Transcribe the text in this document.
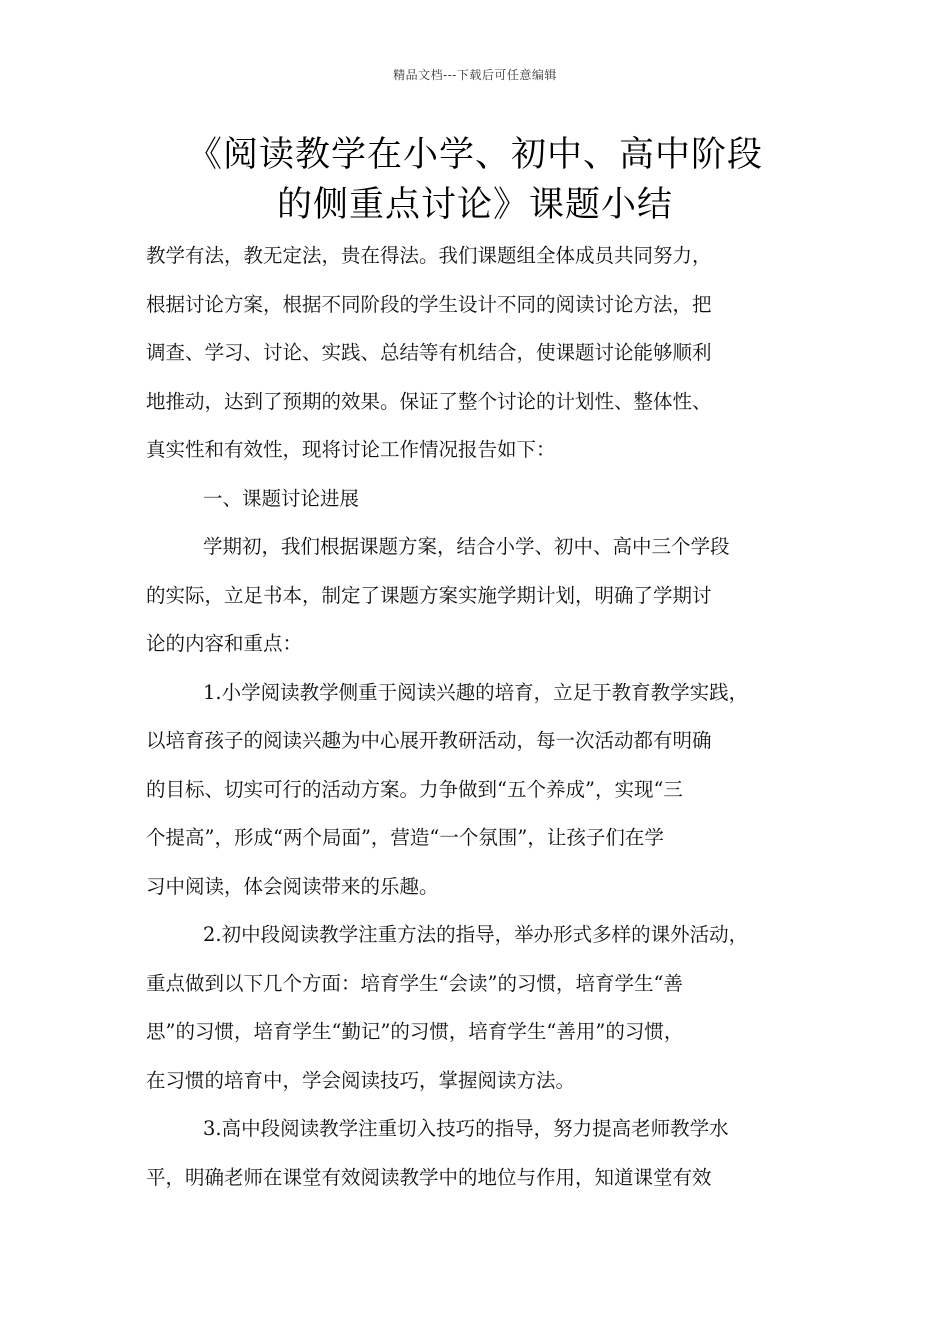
精品文档---下载后可任意编辑
《阅读教学在小学、初中、高中阶段
的侧重点讨论》课题小结
教学有法，教无定法，贵在得法。我们课题组全体成员共同努力，
根据讨论方案，根据不同阶段的学生设计不同的阅读讨论方法，把
调查、学习、讨论、实践、总结等有机结合，使课题讨论能够顺利
地推动，达到了预期的效果。保证了整个讨论的计划性、整体性、
真实性和有效性，现将讨论工作情况报告如下：
一、课题讨论进展
学期初，我们根据课题方案，结合小学、初中、高中三个学段
的实际，立足书本，制定了课题方案实施学期计划，明确了学期讨
论的内容和重点：
1.小学阅读教学侧重于阅读兴趣的培育，立足于教育教学实践，
以培育孩子的阅读兴趣为中心展开教研活动，每一次活动都有明确
的目标、切实可行的活动方案。力争做到“五个养成”，实现“三
个提高”，形成“两个局面”，营造“一个氛围”，让孩子们在学
习中阅读，体会阅读带来的乐趣。
2.初中段阅读教学注重方法的指导，举办形式多样的课外活动，
重点做到以下几个方面：培育学生“会读”的习惯，培育学生“善
思”的习惯，培育学生“勤记”的习惯，培育学生“善用”的习惯，
在习惯的培育中，学会阅读技巧，掌握阅读方法。
3.高中段阅读教学注重切入技巧的指导，努力提高老师教学水
平，明确老师在课堂有效阅读教学中的地位与作用，知道课堂有效
